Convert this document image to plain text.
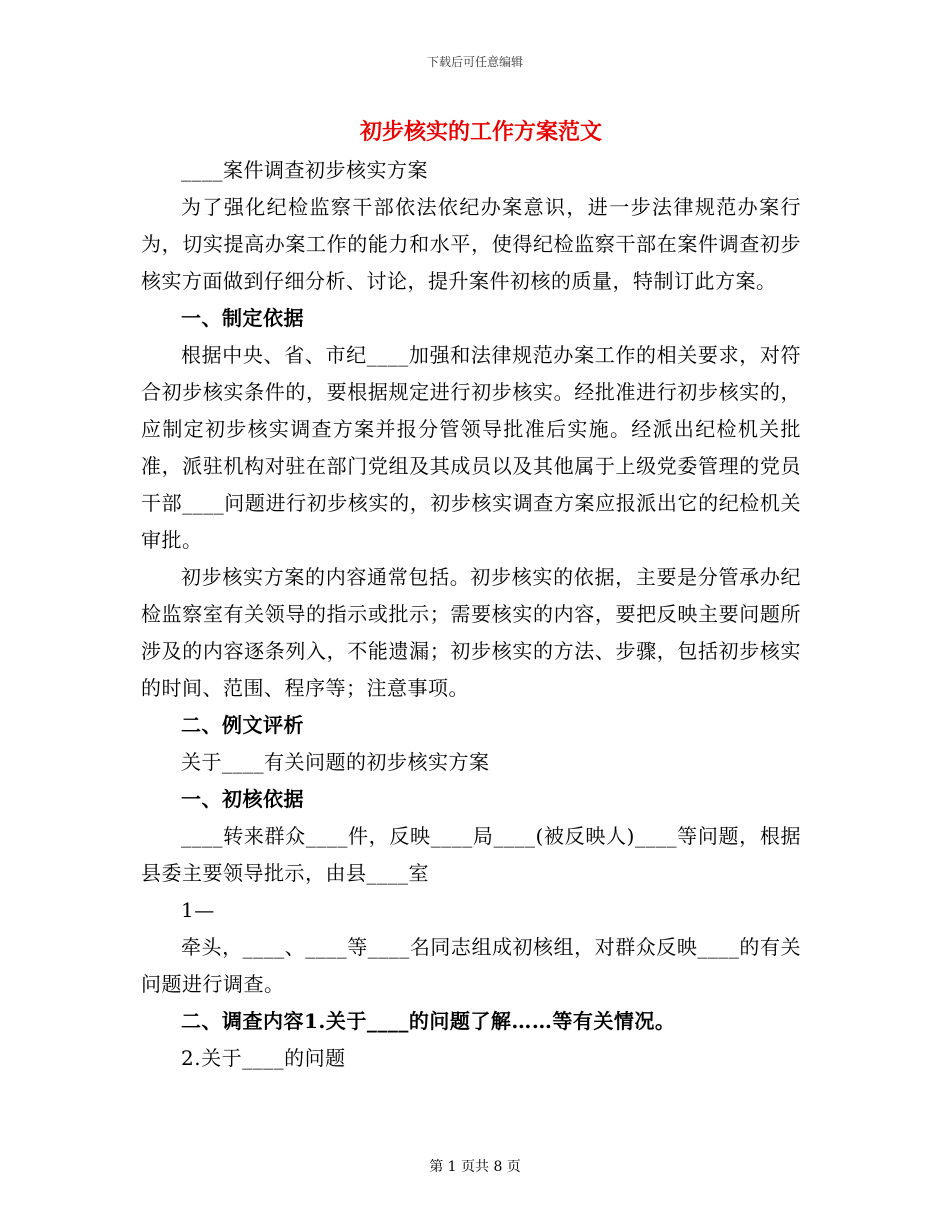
下载后可任意编辑
初步核实的工作方案范文

____案件调查初步核实方案

为了强化纪检监察干部依法依纪办案意识，进一步法律规范办案行为，切实提高办案工作的能力和水平，使得纪检监察干部在案件调查初步核实方面做到仔细分析、讨论，提升案件初核的质量，特制订此方案。

一、制定依据

根据中央、省、市纪____加强和法律规范办案工作的相关要求，对符合初步核实条件的，要根据规定进行初步核实。经批准进行初步核实的，应制定初步核实调查方案并报分管领导批准后实施。经派出纪检机关批准，派驻机构对驻在部门党组及其成员以及其他属于上级党委管理的党员干部____问题进行初步核实的，初步核实调查方案应报派出它的纪检机关审批。

初步核实方案的内容通常包括。初步核实的依据，主要是分管承办纪检监察室有关领导的指示或批示；需要核实的内容，要把反映主要问题所涉及的内容逐条列入，不能遗漏；初步核实的方法、步骤，包括初步核实的时间、范围、程序等；注意事项。

二、例文评析

关于____有关问题的初步核实方案

一、初核依据

____转来群众____件，反映____局____(被反映人)____等问题，根据县委主要领导批示，由县____室

1—

牵头，____、____等____名同志组成初核组，对群众反映____的有关问题进行调查。

二、调查内容1.关于____的问题了解……等有关情况。

2.关于____的问题

第 1 页共 8 页
